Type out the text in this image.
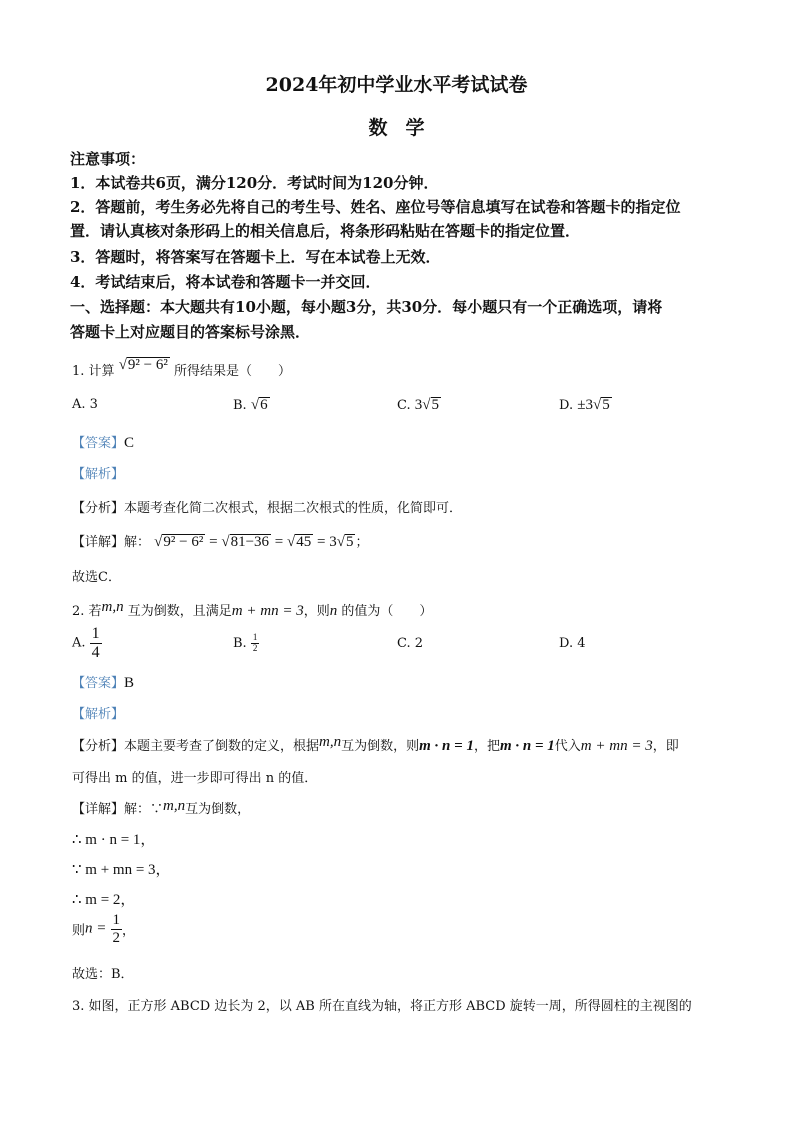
2024年初中学业水平考试试卷
数学
注意事项：
1．本试卷共6页，满分120分．考试时间为120分钟．
2．答题前，考生务必先将自己的考生号、姓名、座位号等信息填写在试卷和答题卡的指定位
置．请认真核对条形码上的相关信息后，将条形码粘贴在答题卡的指定位置．
3．答题时，将答案写在答题卡上．写在本试卷上无效．
4．考试结束后，将本试卷和答题卡一并交回．
一、选择题：本大题共有10小题，每小题3分，共30分．每小题只有一个正确选项，请将
答题卡上对应题目的答案标号涂黑．
1. 计算 √9² − 6² 所得结果是（　　）
A. 3	B. √6	C. 3√5	D. ±3√5
【答案】C
【解析】
【分析】本题考查化简二次根式，根据二次根式的性质，化简即可．
【详解】解： √9² − 6² = √81−36 = √45 = 3√5 ；
故选C．
2. 若m,n 互为倒数，且满足m + mn = 3，则n 的值为（　　）
A. $\frac{1}{4}$	B. $\frac{1}{2}$	C. 2	D. 4
【答案】B
【解析】
【分析】本题主要考查了倒数的定义，根据m,n互为倒数，则m · n = 1，把m · n = 1代入m + mn = 3，即
可得出 m 的值，进一步即可得出 n 的值．
【详解】解：∵m,n互为倒数，
∴ m · n = 1，
∵ m + mn = 3，
∴ m = 2，
则$n = \frac{1}{2}$ ，
故选：B．
3. 如图，正方形 ABCD 边长为 2，以 AB 所在直线为轴，将正方形 ABCD 旋转一周，所得圆柱的主视图的
